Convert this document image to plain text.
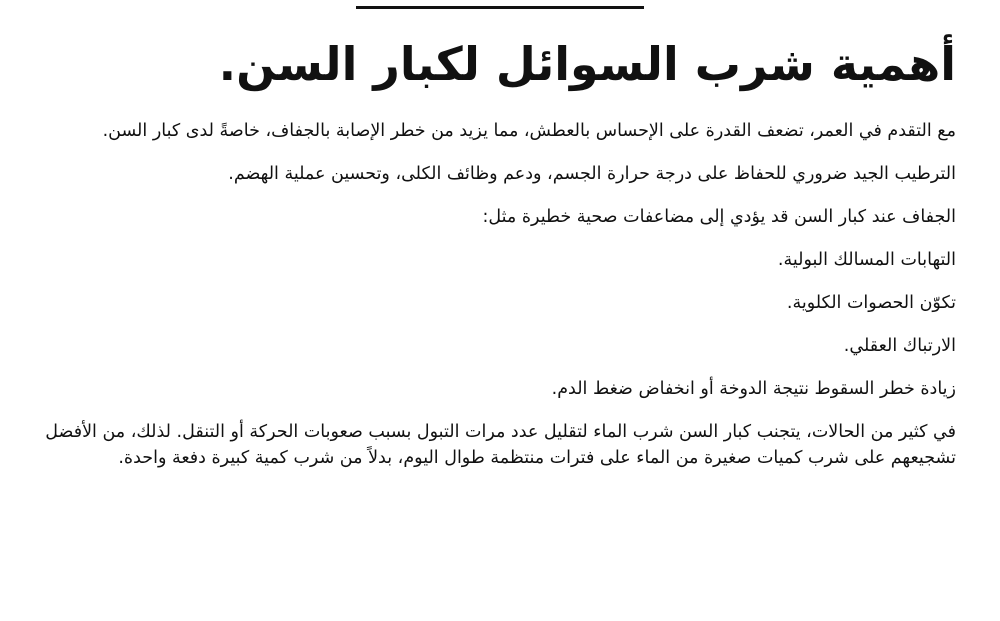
أهمية شرب السوائل لكبار السن.

مع التقدم في العمر، تضعف القدرة على الإحساس بالعطش، مما يزيد من خطر الإصابة بالجفاف، خاصةً لدى كبار السن.

الترطيب الجيد ضروري للحفاظ على درجة حرارة الجسم، ودعم وظائف الكلى، وتحسين عملية الهضم.

الجفاف عند كبار السن قد يؤدي إلى مضاعفات صحية خطيرة مثل:

التهابات المسالك البولية.

تكوّن الحصوات الكلوية.

الارتباك العقلي.

زيادة خطر السقوط نتيجة الدوخة أو انخفاض ضغط الدم.

في كثير من الحالات، يتجنب كبار السن شرب الماء لتقليل عدد مرات التبول بسبب صعوبات الحركة أو التنقل. لذلك، من الأفضل تشجيعهم على شرب كميات صغيرة من الماء على فترات منتظمة طوال اليوم، بدلاً من شرب كمية كبيرة دفعة واحدة.
